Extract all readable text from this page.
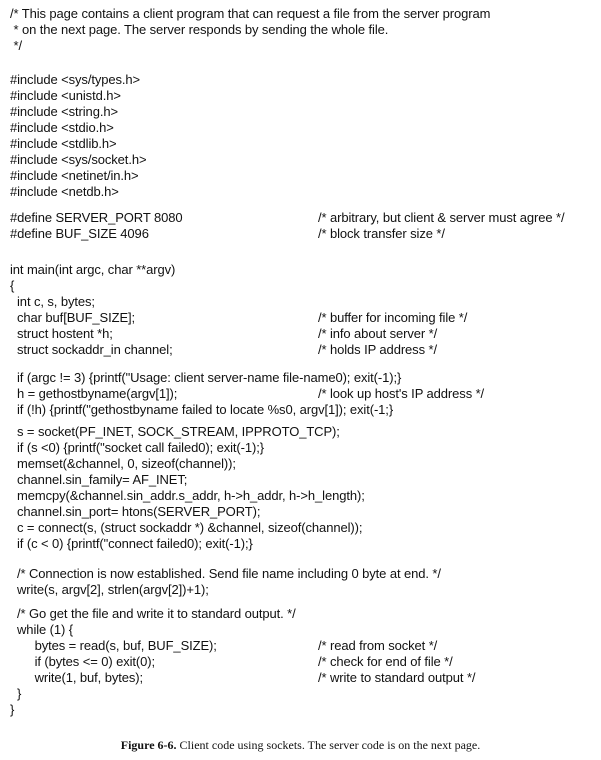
/* This page contains a client program that can request a file from the server program
* on the next page. The server responds by sending the whole file.
*/
#include <sys/types.h>
#include <unistd.h>
#include <string.h>
#include <stdio.h>
#include <stdlib.h>
#include <sys/socket.h>
#include <netinet/in.h>
#include <netdb.h>
#define SERVER_PORT 8080	/* arbitrary, but client & server must agree */
#define BUF_SIZE 4096	/* block transfer size */
int main(int argc, char **argv)
{
int c, s, bytes;
char buf[BUF_SIZE];	/* buffer for incoming file */
struct hostent *h;	/* info about server */
struct sockaddr_in channel;	/* holds IP address */
if (argc != 3) {printf("Usage: client server-name file-name0); exit(-1);}
h = gethostbyname(argv[1]);	/* look up host's IP address */
if (!h) {printf("gethostbyname failed to locate %s0, argv[1]); exit(-1;}
s = socket(PF_INET, SOCK_STREAM, IPPROTO_TCP);
if (s <0) {printf("socket call failed0); exit(-1);}
memset(&channel, 0, sizeof(channel));
channel.sin_family= AF_INET;
memcpy(&channel.sin_addr.s_addr, h->h_addr, h->h_length);
channel.sin_port= htons(SERVER_PORT);
c = connect(s, (struct sockaddr *) &channel, sizeof(channel));
if (c < 0) {printf("connect failed0); exit(-1);}
/* Connection is now established. Send file name including 0 byte at end. */
write(s, argv[2], strlen(argv[2])+1);
/* Go get the file and write it to standard output. */
while (1) {
bytes = read(s, buf, BUF_SIZE);	/* read from socket */
if (bytes <= 0) exit(0);	/* check for end of file */
write(1, buf, bytes);	/* write to standard output */
}
}
Figure 6-6. Client code using sockets. The server code is on the next page.
